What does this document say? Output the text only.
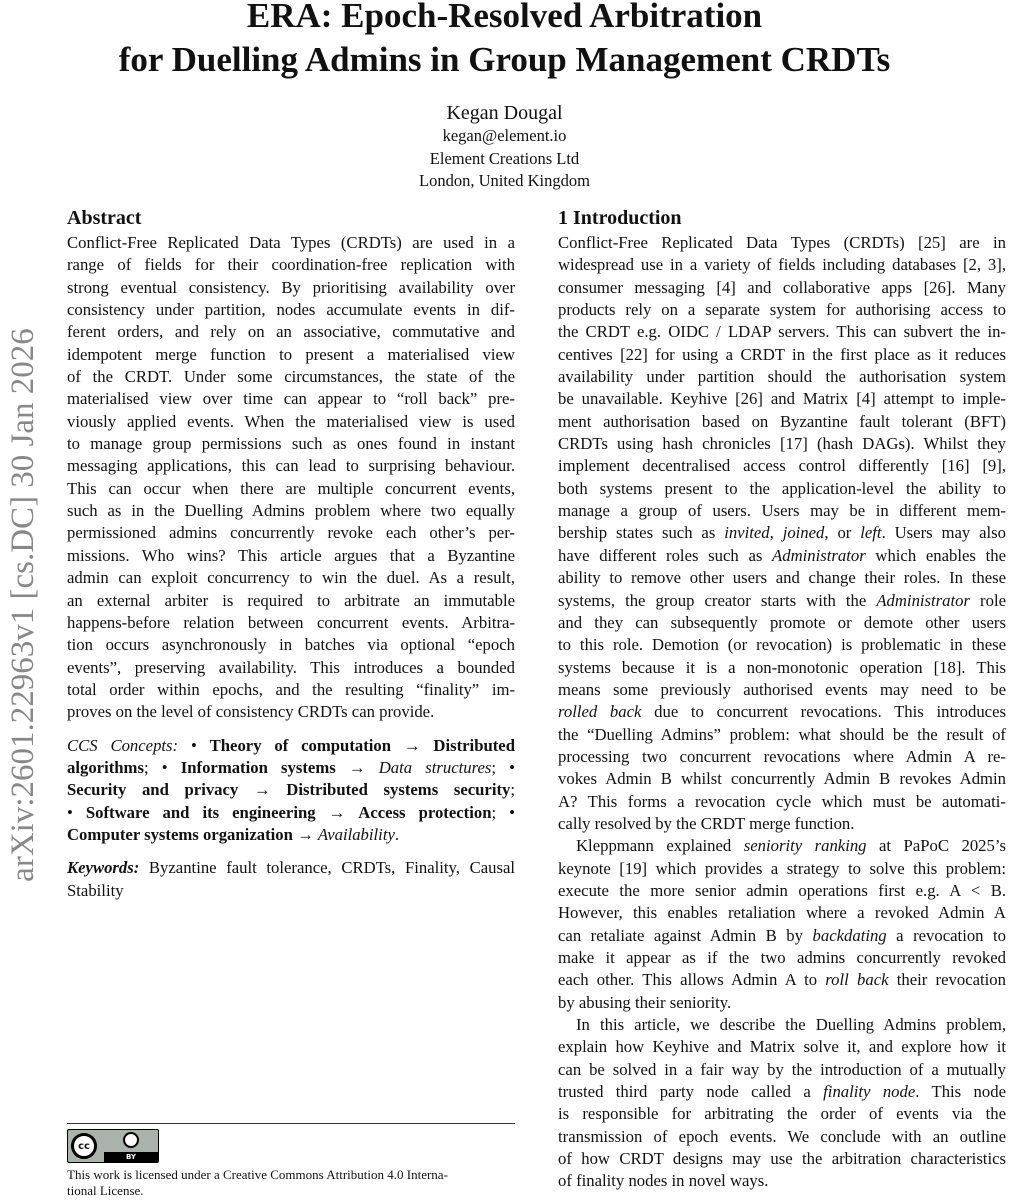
arXiv:2601.22963v1 [cs.DC] 30 Jan 2026
ERA: Epoch-Resolved Arbitration
for Duelling Admins in Group Management CRDTs
Kegan Dougal
kegan@element.io
Element Creations Ltd
London, United Kingdom
Abstract
Conflict-Free Replicated Data Types (CRDTs) are used in a
range of fields for their coordination-free replication with
strong eventual consistency. By prioritising availability over
consistency under partition, nodes accumulate events in dif-
ferent orders, and rely on an associative, commutative and
idempotent merge function to present a materialised view
of the CRDT. Under some circumstances, the state of the
materialised view over time can appear to “roll back” pre-
viously applied events. When the materialised view is used
to manage group permissions such as ones found in instant
messaging applications, this can lead to surprising behaviour.
This can occur when there are multiple concurrent events,
such as in the Duelling Admins problem where two equally
permissioned admins concurrently revoke each other’s per-
missions. Who wins? This article argues that a Byzantine
admin can exploit concurrency to win the duel. As a result,
an external arbiter is required to arbitrate an immutable
happens-before relation between concurrent events. Arbitra-
tion occurs asynchronously in batches via optional “epoch
events”, preserving availability. This introduces a bounded
total order within epochs, and the resulting “finality” im-
proves on the level of consistency CRDTs can provide.
CCS Concepts: • Theory of computation → Distributed
algorithms; • Information systems → Data structures; •
Security and privacy → Distributed systems security;
• Software and its engineering → Access protection; •
Computer systems organization → Availability.
Keywords: Byzantine fault tolerance, CRDTs, Finality, Causal
Stability
1 Introduction
Conflict-Free Replicated Data Types (CRDTs) [25] are in
widespread use in a variety of fields including databases [2, 3],
consumer messaging [4] and collaborative apps [26]. Many
products rely on a separate system for authorising access to
the CRDT e.g. OIDC / LDAP servers. This can subvert the in-
centives [22] for using a CRDT in the first place as it reduces
availability under partition should the authorisation system
be unavailable. Keyhive [26] and Matrix [4] attempt to imple-
ment authorisation based on Byzantine fault tolerant (BFT)
CRDTs using hash chronicles [17] (hash DAGs). Whilst they
implement decentralised access control differently [16] [9],
both systems present to the application-level the ability to
manage a group of users. Users may be in different mem-
bership states such as invited, joined, or left. Users may also
have different roles such as Administrator which enables the
ability to remove other users and change their roles. In these
systems, the group creator starts with the Administrator role
and they can subsequently promote or demote other users
to this role. Demotion (or revocation) is problematic in these
systems because it is a non-monotonic operation [18]. This
means some previously authorised events may need to be
rolled back due to concurrent revocations. This introduces
the “Duelling Admins” problem: what should be the result of
processing two concurrent revocations where Admin A re-
vokes Admin B whilst concurrently Admin B revokes Admin
A? This forms a revocation cycle which must be automati-
cally resolved by the CRDT merge function.
Kleppmann explained seniority ranking at PaPoC 2025’s
keynote [19] which provides a strategy to solve this problem:
execute the more senior admin operations first e.g. A < B.
However, this enables retaliation where a revoked Admin A
can retaliate against Admin B by backdating a revocation to
make it appear as if the two admins concurrently revoked
each other. This allows Admin A to roll back their revocation
by abusing their seniority.
In this article, we describe the Duelling Admins problem,
explain how Keyhive and Matrix solve it, and explore how it
can be solved in a fair way by the introduction of a mutually
trusted third party node called a finality node. This node
is responsible for arbitrating the order of events via the
transmission of epoch events. We conclude with an outline
of how CRDT designs may use the arbitration characteristics
of finality nodes in novel ways.
cc
BY
This work is licensed under a Creative Commons Attribution 4.0 Interna-
tional License.
